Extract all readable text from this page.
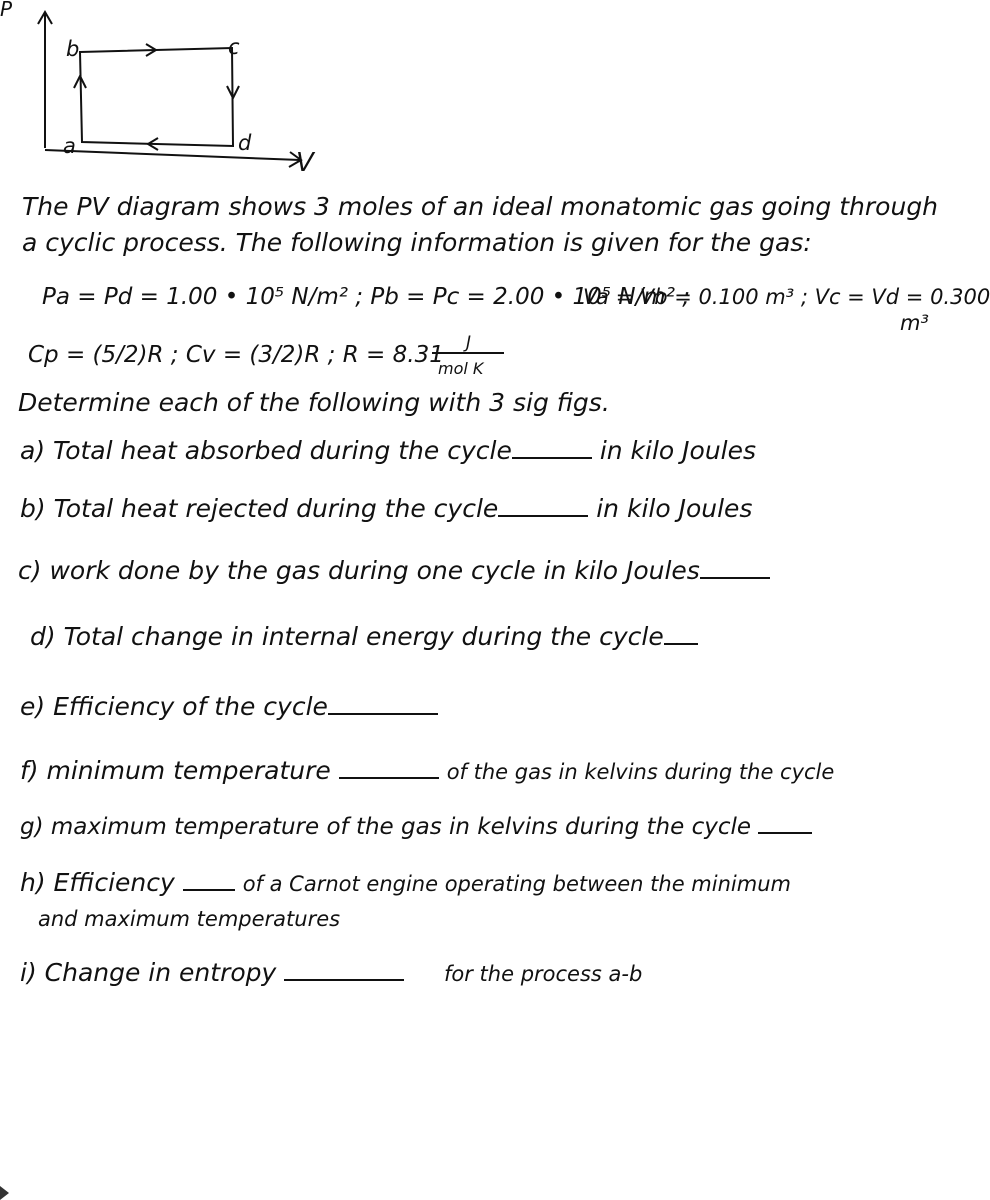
P
V
a
b	c
d
The PV diagram shows 3 moles of an ideal monatomic gas going through
a cyclic process. The following information is given for the gas:
Pa = Pd = 1.00 • 10⁵ N/m² ; Pb = Pc = 2.00 • 10⁵ N/m² ;
Va = Vb = 0.100 m³ ; Vc = Vd = 0.300
m³
Cp = (5/2)R ; Cv = (3/2)R ; R = 8.31 J
mol K
Determine each of the following with 3 sig figs.
a) Total heat absorbed during the cycle	in kilo Joules
b) Total heat rejected during the cycle	in kilo Joules
c) work done by the gas during one cycle in kilo Joules
d) Total change in internal energy during the cycle
e) Efficiency of the cycle
f) minimum temperature	of the gas in kelvins during the cycle
g) maximum temperature of the gas in kelvins during the cycle
h) Efficiency	of a Carnot engine operating between the minimum
and maximum temperatures
i) Change in entropy	for the process a-b
